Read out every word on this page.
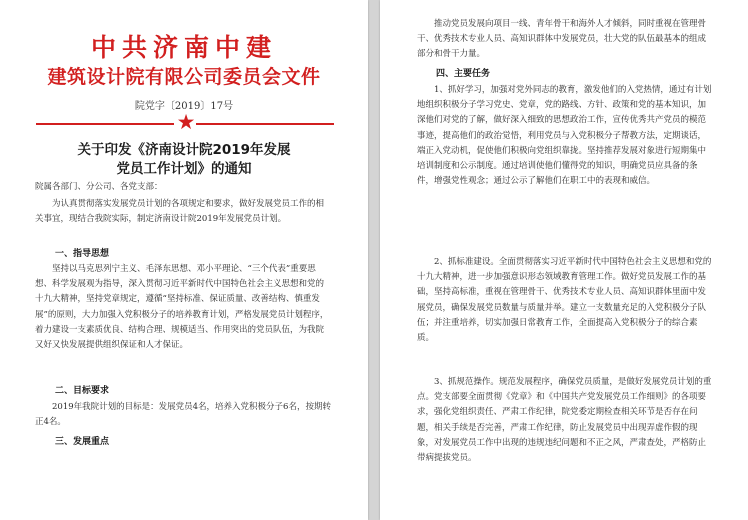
中共济南中建
建筑设计院有限公司委员会文件
院党字〔2019〕17号
★
关于印发《济南设计院2019年发展
党员工作计划》的通知

院属各部门、分公司、各党支部：

为认真贯彻落实发展党员计划的各项规定和要求，做好发展党员工作的相关事宜，现结合我院实际，制定济南设计院2019年发展党员计划。

一、指导思想

坚持以马克思列宁主义、毛泽东思想、邓小平理论、“三个代表”重要思想、科学发展观为指导，深入贯彻习近平新时代中国特色社会主义思想和党的十九大精神，坚持党章规定，遵循“坚持标准、保证质量、改善结构、慎重发展”的原则，大力加强入党积极分子的培养教育计划，严格发展党员计划程序，着力建设一支素质优良、结构合理、规模适当、作用突出的党员队伍，为我院又好又快发展提供组织保证和人才保证。

二、目标要求

2019年我院计划的目标是：发展党员4名，培养入党积极分子6名，按期转正4名。

三、发展重点

推动党员发展向项目一线、青年骨干和海外人才倾斜，同时重视在管理骨干、优秀技术专业人员、高知识群体中发展党员，壮大党的队伍最基本的组成部分和骨干力量。

四、主要任务

1、抓好学习，加强对党外同志的教育，激发他们的入党热情，通过有计划地组织积极分子学习党史、党章，党的路线、方针、政策和党的基本知识，加深他们对党的了解，做好深入细致的思想政治工作，宣传优秀共产党员的模范事迹，提高他们的政治觉悟，利用党员与入党积极分子帮教方法，定期谈话，端正入党动机，促使他们积极向党组织靠拢。坚持推荐发展对象进行短期集中培训制度和公示制度。通过培训使他们懂得党的知识，明确党员应具备的条件，增强党性观念；通过公示了解他们在职工中的表现和威信。

2、抓标准建设。全面贯彻落实习近平新时代中国特色社会主义思想和党的十九大精神，进一步加强意识形态领域教育管理工作。做好党员发展工作的基础，坚持高标准，重视在管理骨干、优秀技术专业人员、高知识群体里面中发展党员，确保发展党员数量与质量并举。建立一支数量充足的入党积极分子队伍；并注重培养，切实加强日常教育工作，全面提高入党积极分子的综合素质。

3、抓规范操作。规范发展程序，确保党员质量，是做好发展党员计划的重点。党支部要全面贯彻《党章》和《中国共产党发展党员工作细则》的各项要求，强化党组织责任、严肃工作纪律，院党委定期检查相关环节是否存在问题，相关手续是否完善，严肃工作纪律，防止发展党员中出现弄虚作假的现象，对发展党员工作中出现的违规违纪问题和不正之风，严肃查处，严格防止带病提拔党员。
